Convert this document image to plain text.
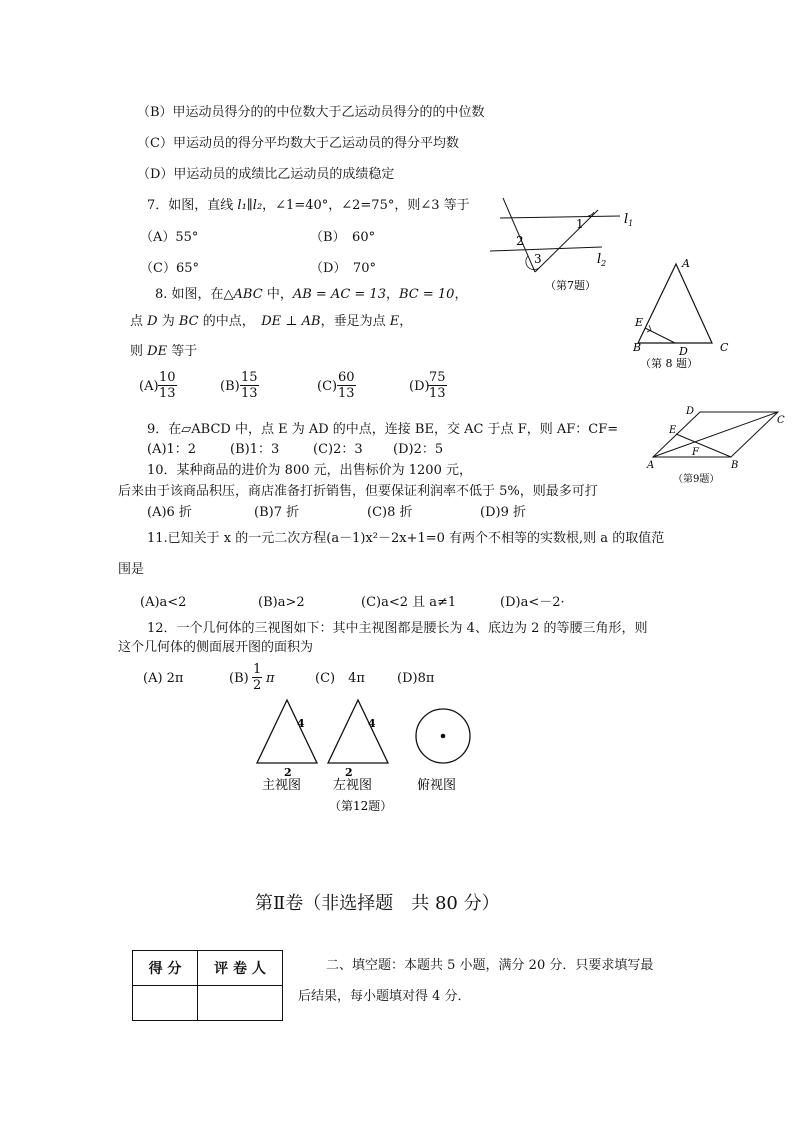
（B）甲运动员得分的的中位数大于乙运动员得分的的中位数
（C）甲运动员的得分平均数大于乙运动员的得分平均数
（D）甲运动员的成绩比乙运动员的成绩稳定
7．如图，直线 l₁∥l₂，∠1=40°，∠2=75°，则∠3 等于
（A）55°	（B）　60°
（C）65°	（D）　70°
$l_1$
$l_2$
1
2
3
（第7题）
8. 如图，在△ABC 中，AB = AC = 13，BC = 10，
点 D 为 BC 的中点，　DE ⊥ AB，垂足为点 E，
则 DE 等于
$(A) \frac{10}{13}$	$(B) \frac{15}{13}$	$(C) \frac{60}{13}$	(D)
$\frac{75}{13}$
A
B	C
D
E
（第 8 题）
9．在▱ABCD 中，点 E 为 AD 的中点，连接 BE，交 AC 于点 F，则 AF：CF=
(A)1：2	(B)1：3	(C)2：3 (D)2：5
D
C
E
F
A	B
（第9题）
10．某种商品的进价为 800 元，出售标价为 1200 元，
后来由于该商品积压，商店准备打折销售，但要保证利润率不低于 5%，则最多可打
(A)6 折	(B)7 折	(C)8 折	(D)9 折
11.已知关于 x 的一元二次方程(a－1)x²－2x+1=0 有两个不相等的实数根,则 a 的取值范
围是
(A)a<2	(B)a>2	(C)a<2 且 a≠1	(D)a<－2·
12．一个几何体的三视图如下：其中主视图都是腰长为 4、底边为 2 的等腰三角形，则
这个几何体的侧面展开图的面积为
(A) 2π	$(B) \frac{1}{2}$ π	(C)　4π (D)8π
4
2
主视图
4
2
左视图	俯视图
（第12题）
第Ⅱ卷（非选择题　共 80 分）
得 分	评 卷 人
		二、填空题：本题共 5 小题，满分 20 分．只要求填写最
后结果，每小题填对得 4 分．
